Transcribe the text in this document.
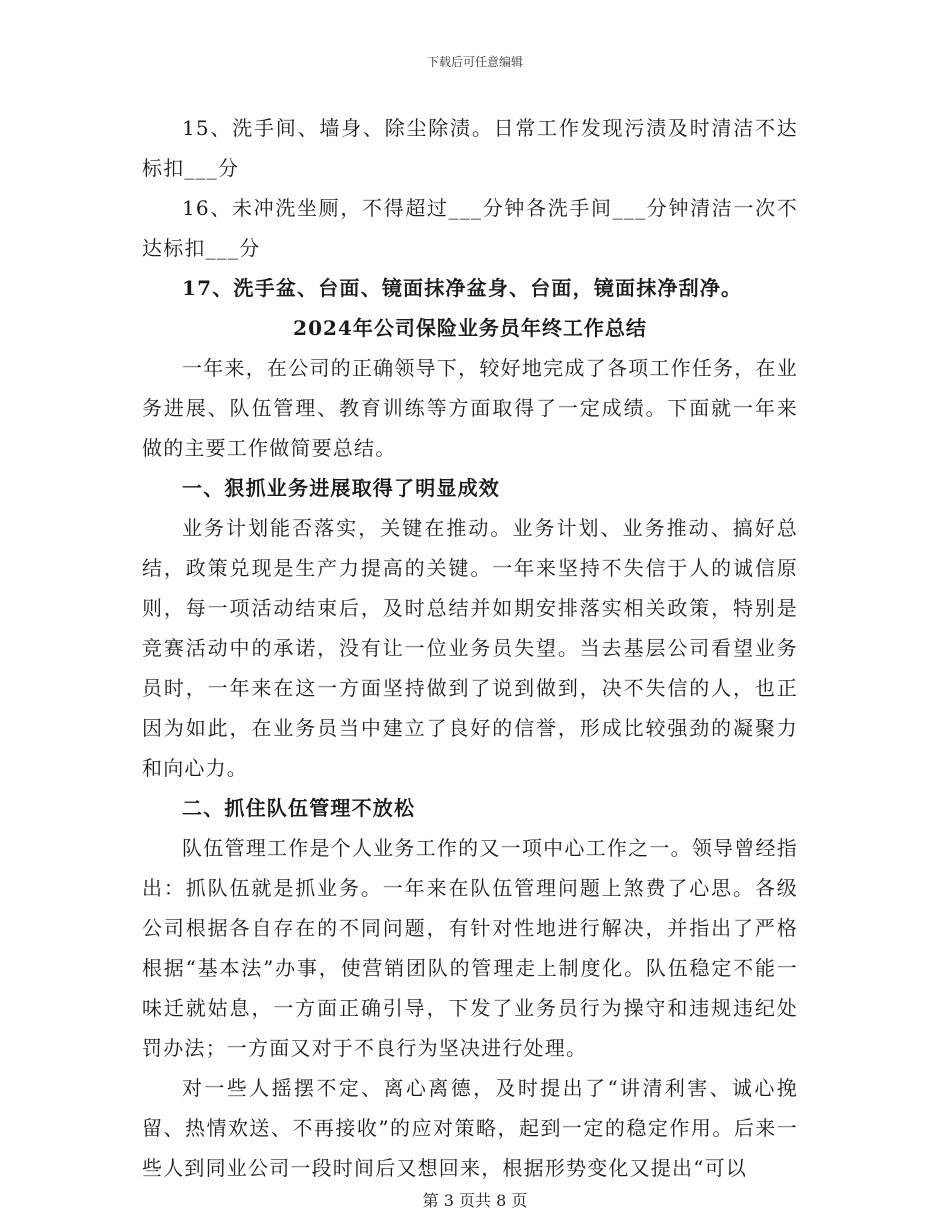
下载后可任意编辑

15、洗手间、墙身、除尘除渍。日常工作发现污渍及时清洁不达标扣___分

16、未冲洗坐厕，不得超过___分钟各洗手间___分钟清洁一次不达标扣___分

17、洗手盆、台面、镜面抹净盆身、台面，镜面抹净刮净。

2024年公司保险业务员年终工作总结

一年来，在公司的正确领导下，较好地完成了各项工作任务，在业务进展、队伍管理、教育训练等方面取得了一定成绩。下面就一年来做的主要工作做简要总结。

一、狠抓业务进展取得了明显成效

业务计划能否落实，关键在推动。业务计划、业务推动、搞好总结，政策兑现是生产力提高的关键。一年来坚持不失信于人的诚信原则，每一项活动结束后，及时总结并如期安排落实相关政策，特别是竞赛活动中的承诺，没有让一位业务员失望。当去基层公司看望业务员时，一年来在这一方面坚持做到了说到做到，决不失信的人，也正因为如此，在业务员当中建立了良好的信誉，形成比较强劲的凝聚力和向心力。

二、抓住队伍管理不放松

队伍管理工作是个人业务工作的又一项中心工作之一。领导曾经指出：抓队伍就是抓业务。一年来在队伍管理问题上煞费了心思。各级公司根据各自存在的不同问题，有针对性地进行解决，并指出了严格根据“基本法”办事，使营销团队的管理走上制度化。队伍稳定不能一味迁就姑息，一方面正确引导，下发了业务员行为操守和违规违纪处罚办法；一方面又对于不良行为坚决进行处理。

对一些人摇摆不定、离心离德，及时提出了“讲清利害、诚心挽留、热情欢送、不再接收”的应对策略，起到一定的稳定作用。后来一些人到同业公司一段时间后又想回来，根据形势变化又提出“可以

第 3 页共 8 页
